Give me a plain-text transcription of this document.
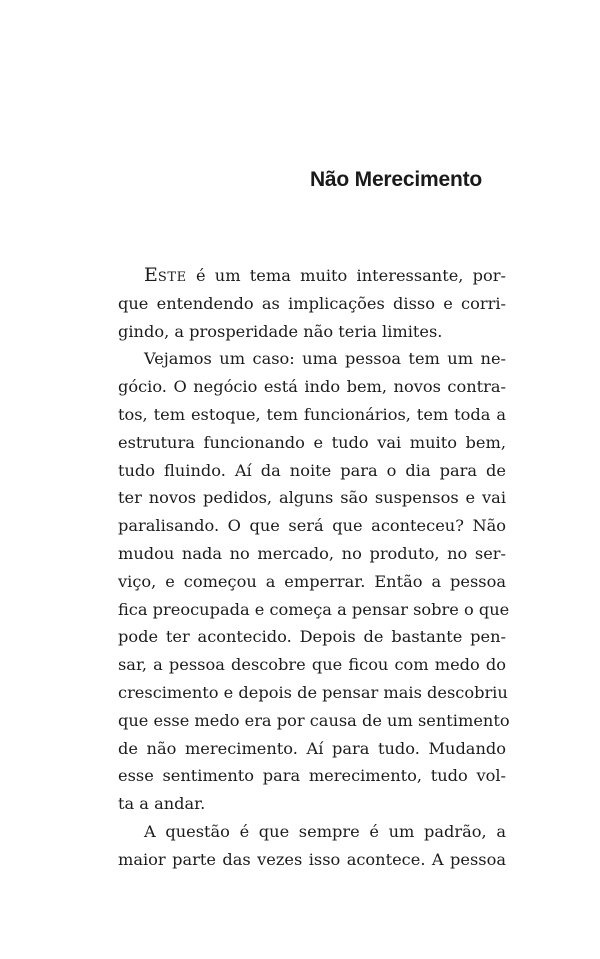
Não Merecimento
ESTE é um tema muito interessante, por-
que entendendo as implicações disso e corri-
gindo, a prosperidade não teria limites.
Vejamos um caso: uma pessoa tem um ne-
gócio. O negócio está indo bem, novos contra-
tos, tem estoque, tem funcionários, tem toda a
estrutura funcionando e tudo vai muito bem,
tudo fluindo. Aí da noite para o dia para de
ter novos pedidos, alguns são suspensos e vai
paralisando. O que será que aconteceu? Não
mudou nada no mercado, no produto, no ser-
viço, e começou a emperrar. Então a pessoa
fica preocupada e começa a pensar sobre o que
pode ter acontecido. Depois de bastante pen-
sar, a pessoa descobre que ficou com medo do
crescimento e depois de pensar mais descobriu
que esse medo era por causa de um sentimento
de não merecimento. Aí para tudo. Mudando
esse sentimento para merecimento, tudo vol-
ta a andar.
A questão é que sempre é um padrão, a
maior parte das vezes isso acontece. A pessoa
